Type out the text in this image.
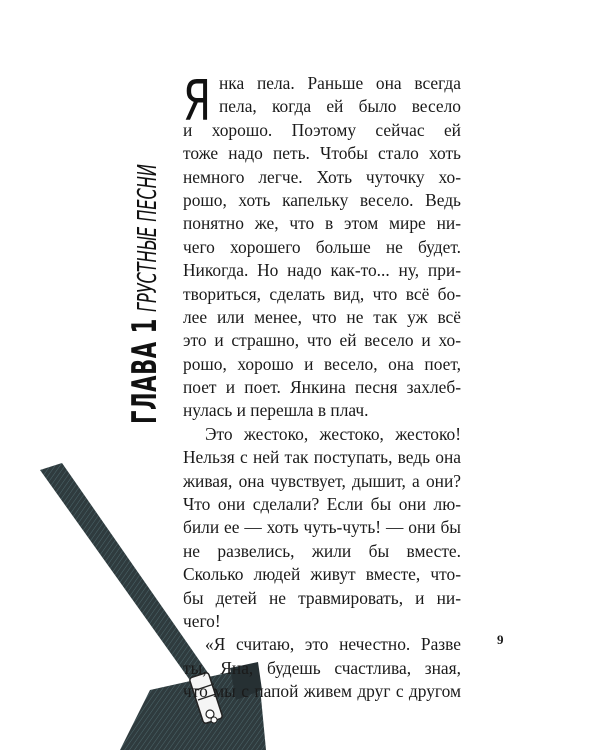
ГЛАВА 1
ГРУСТНЫЕ ПЕСНИ
Я нка пела. Раньше она всегда
пела, когда ей было весело
и хорошо. Поэтому сейчас ей
тоже надо петь. Чтобы стало хоть
немного легче. Хоть чуточку хо-
рошо, хоть капельку весело. Ведь
понятно же, что в этом мире ни-
чего хорошего больше не будет.
Никогда. Но надо как-то... ну, при-
твориться, сделать вид, что всё бо-
лее или менее, что не так уж всё
это и страшно, что ей весело и хо-
рошо, хорошо и весело, она поет,
поет и поет. Янкина песня захлеб-
нулась и перешла в плач.
Это жестоко, жестоко, жестоко!
Нельзя с ней так поступать, ведь она
живая, она чувствует, дышит, а они?
Что они сделали? Если бы они лю-
били ее — хоть чуть-чуть! — они бы
не развелись, жили бы вместе.
Сколько людей живут вместе, что-
бы детей не травмировать, и ни-
чего!
«Я считаю, это нечестно. Разве
ты, Яна, будешь счастлива, зная,
что мы с папой живем друг с другом
9
